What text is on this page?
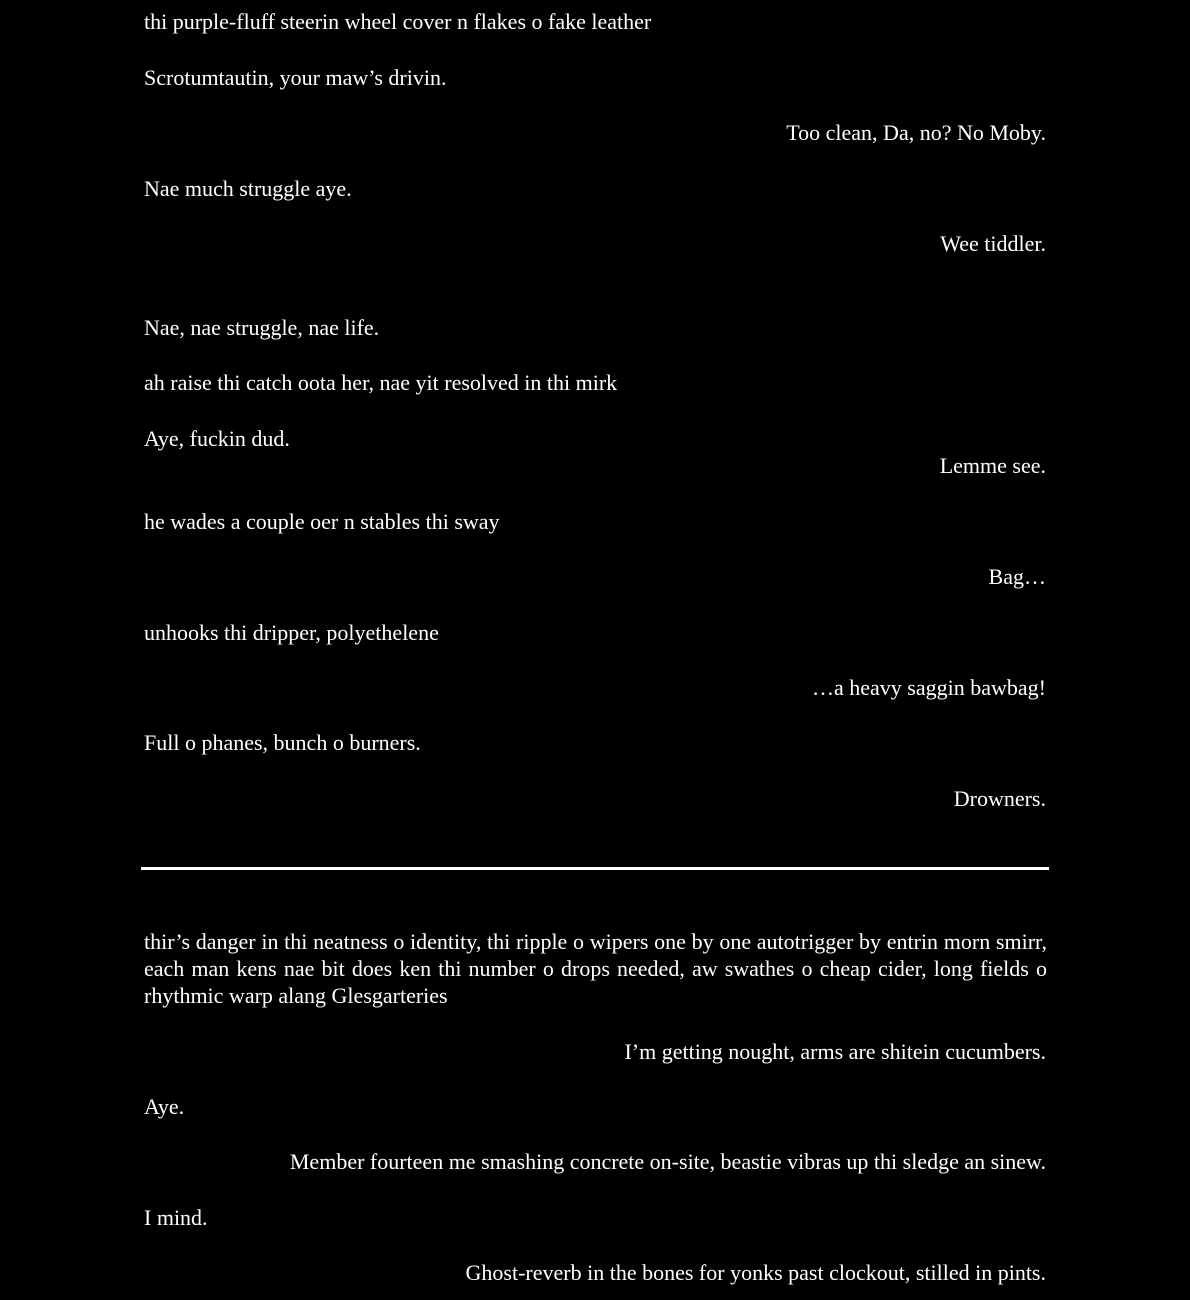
thi purple-fluff steerin wheel cover n flakes o fake leather

Scrotumtautin, your maw’s drivin.

Too clean, Da, no? No Moby.

Nae much struggle aye.

Wee tiddler.

Nae, nae struggle, nae life.

ah raise thi catch oota her, nae yit resolved in thi mirk

Aye, fuckin dud.

Lemme see.

he wades a couple oer n stables thi sway

Bag…

unhooks thi dripper, polyethelene

…a heavy saggin bawbag!

Full o phanes, bunch o burners.

Drowners.

thir’s danger in thi neatness o identity, thi ripple o wipers one by one autotrigger by entrin morn smirr, each man kens nae bit does ken thi number o drops needed, aw swathes o cheap cider, long fields o rhythmic warp alang Glesgarteries

I’m getting nought, arms are shitein cucumbers.

Aye.

Member fourteen me smashing concrete on-site, beastie vibras up thi sledge an sinew.

I mind.

Ghost-reverb in the bones for yonks past clockout, stilled in pints.
